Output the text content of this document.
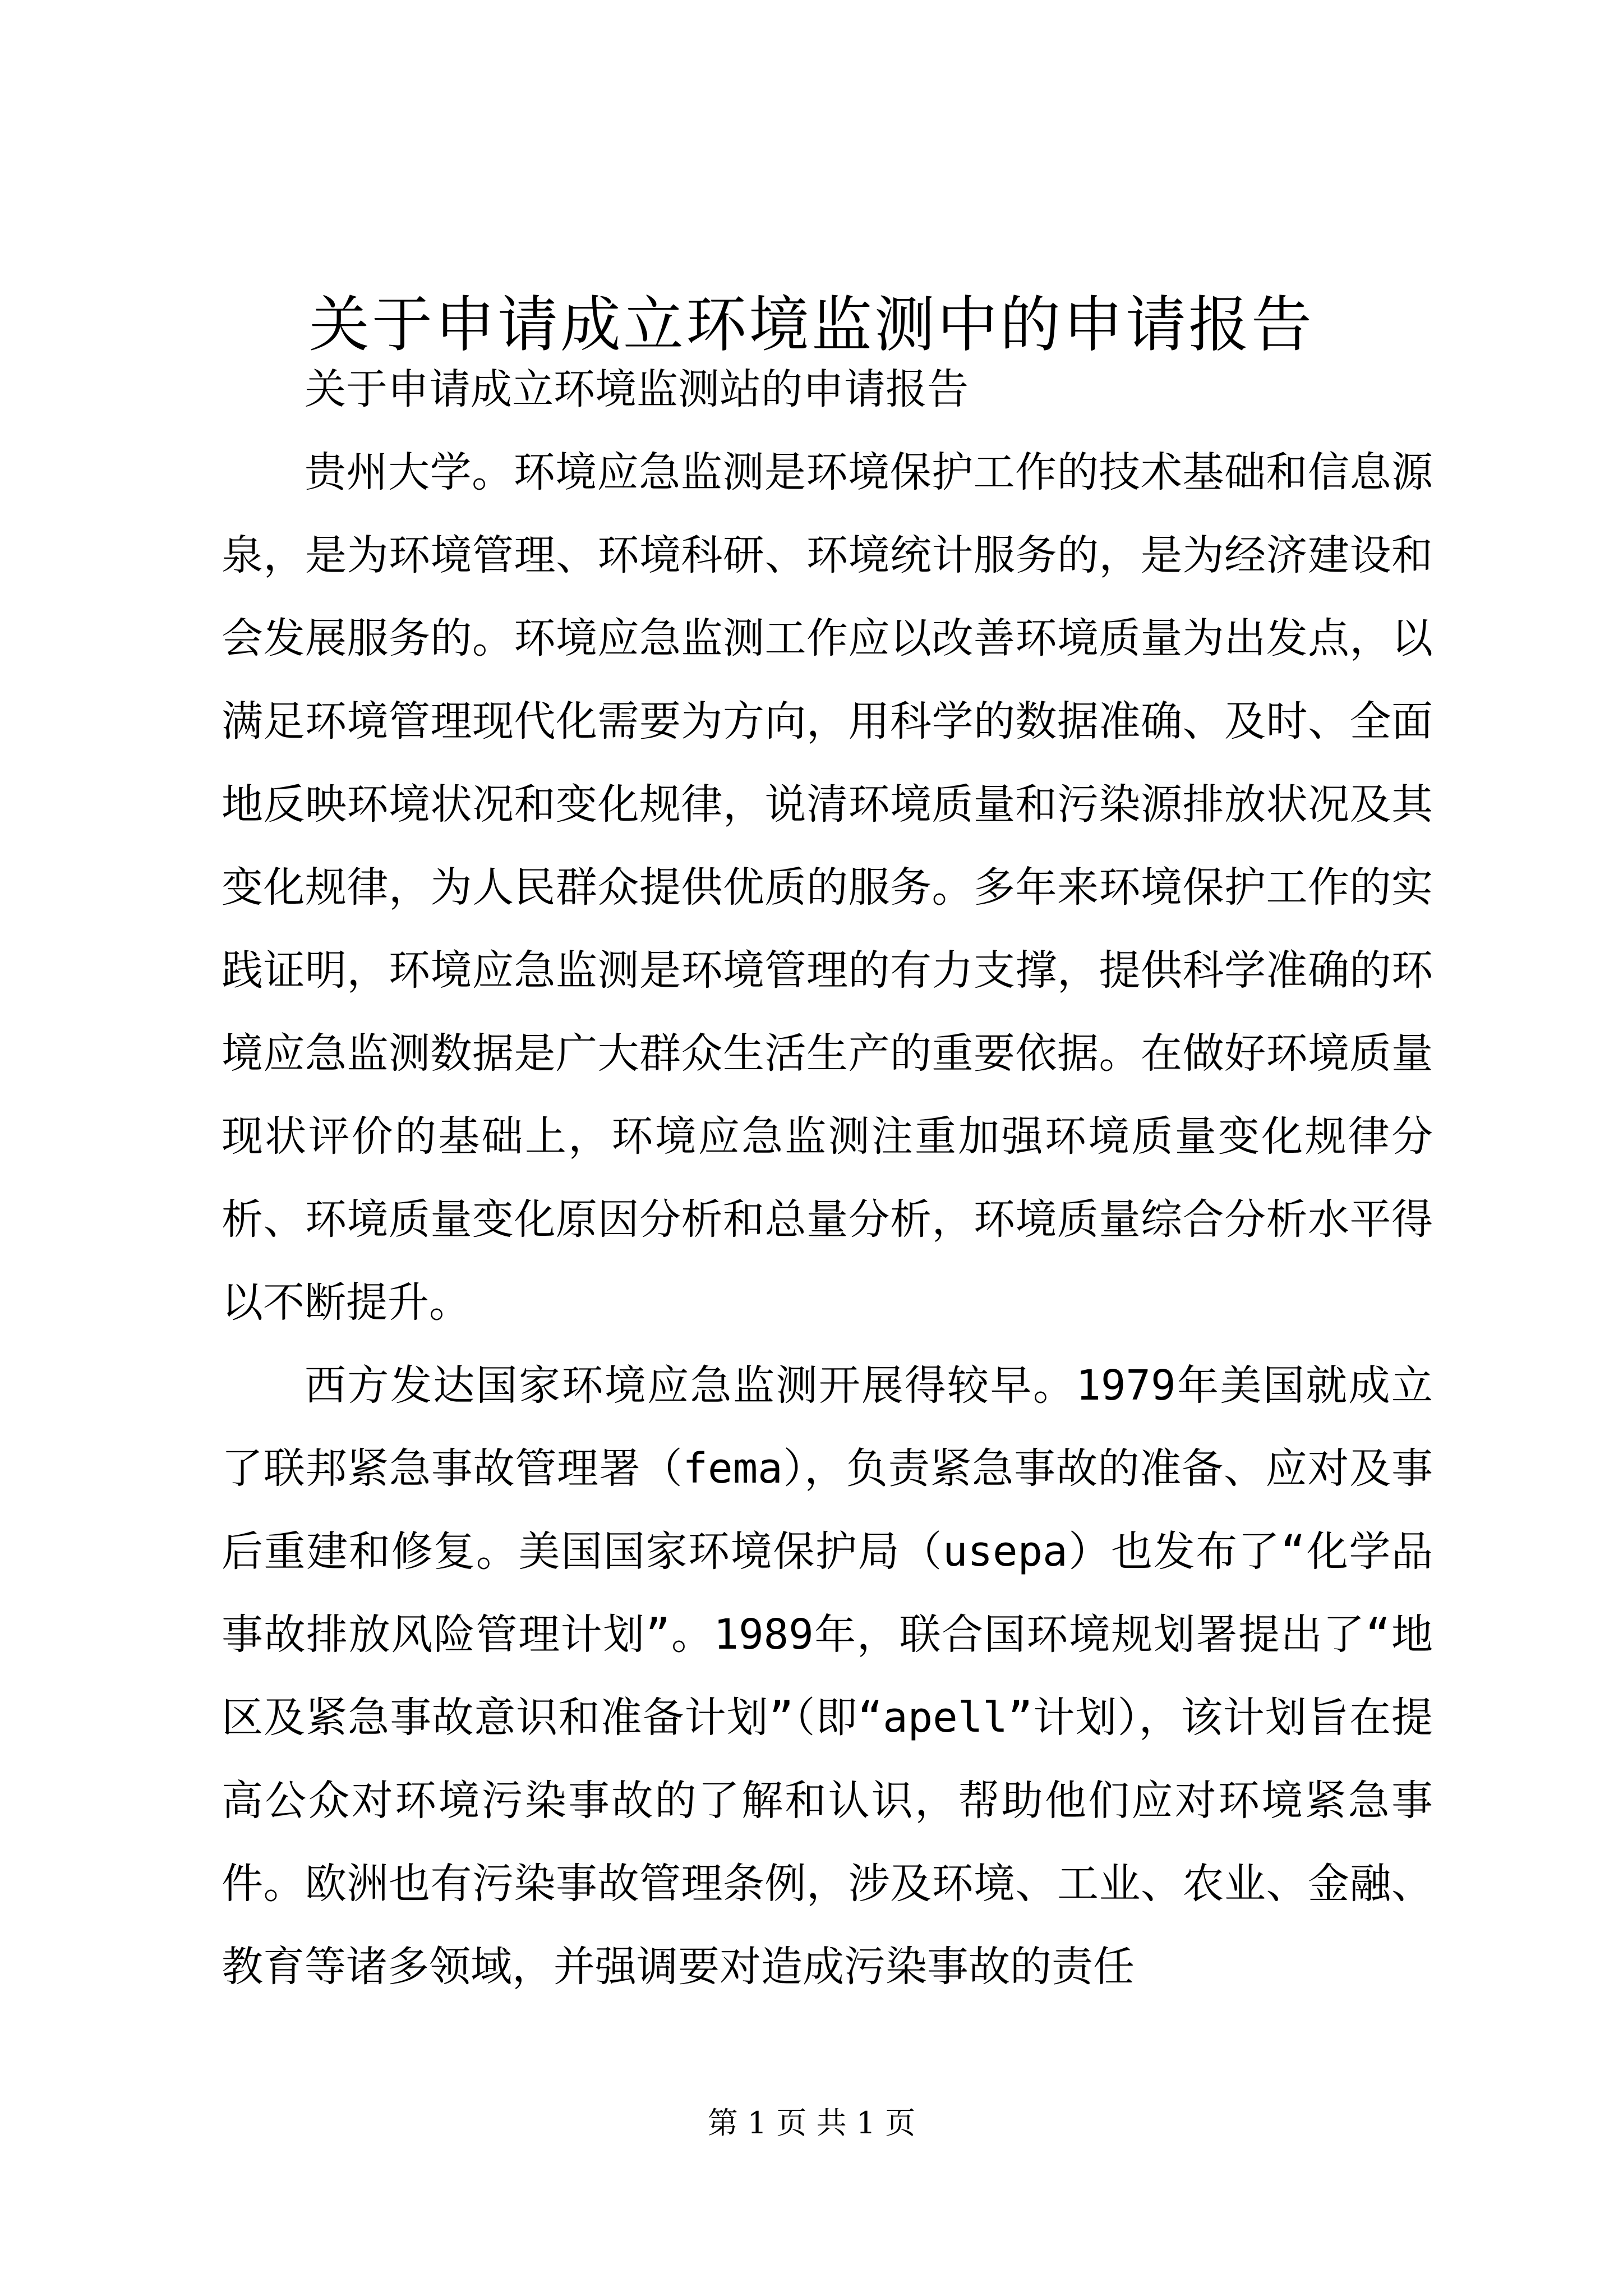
关于申请成立环境监测中的申请报告

关于申请成立环境监测站的申请报告

贵州大学。环境应急监测是环境保护工作的技术基础和信息源泉，是为环境管理、环境科研、环境统计服务的，是为经济建设和会发展服务的。环境应急监测工作应以改善环境质量为出发点，以满足环境管理现代化需要为方向，用科学的数据准确、及时、全面地反映环境状况和变化规律，说清环境质量和污染源排放状况及其变化规律，为人民群众提供优质的服务。多年来环境保护工作的实践证明，环境应急监测是环境管理的有力支撑，提供科学准确的环境应急监测数据是广大群众生活生产的重要依据。在做好环境质量现状评价的基础上，环境应急监测注重加强环境质量变化规律分析、环境质量变化原因分析和总量分析，环境质量综合分析水平得以不断提升。

西方发达国家环境应急监测开展得较早。1979年美国就成立了联邦紧急事故管理署（fema），负责紧急事故的准备、应对及事后重建和修复。美国国家环境保护局（usepa）也发布了“化学品事故排放风险管理计划”。1989年，联合国环境规划署提出了“地区及紧急事故意识和准备计划”（即“apell”计划），该计划旨在提高公众对环境污染事故的了解和认识，帮助他们应对环境紧急事件。欧洲也有污染事故管理条例，涉及环境、工业、农业、金融、教育等诸多领域，并强调要对造成污染事故的责任

第 1 页 共 1 页
